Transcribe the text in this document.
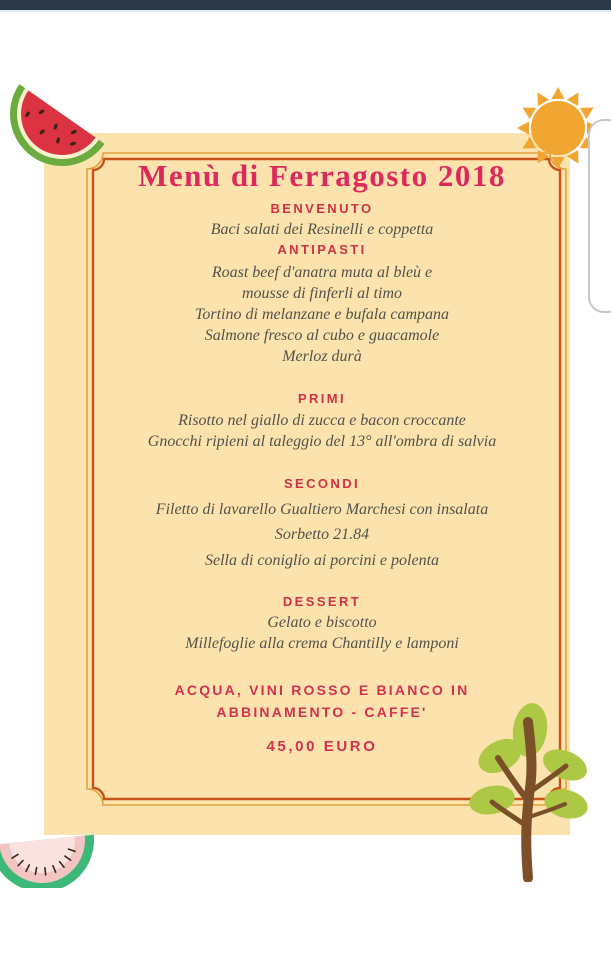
Menù di Ferragosto 2018
BENVENUTO
Baci salati dei Resinelli e coppetta
ANTIPASTI
Roast beef d'anatra muta al bleù e
mousse di finferli al timo
Tortino di melanzane e bufala campana
Salmone fresco al cubo e guacamole
Merloz durà
PRIMI
Risotto nel giallo di zucca e bacon croccante
Gnocchi ripieni al taleggio del 13° all'ombra di salvia
SECONDI
Filetto di lavarello Gualtiero Marchesi con insalata
Sorbetto 21.84
Sella di coniglio ai porcini e polenta
DESSERT
Gelato e biscotto
Millefoglie alla crema Chantilly e lamponi
ACQUA, VINI ROSSO E BIANCO IN
ABBINAMENTO - CAFFE'
45,00 EURO
